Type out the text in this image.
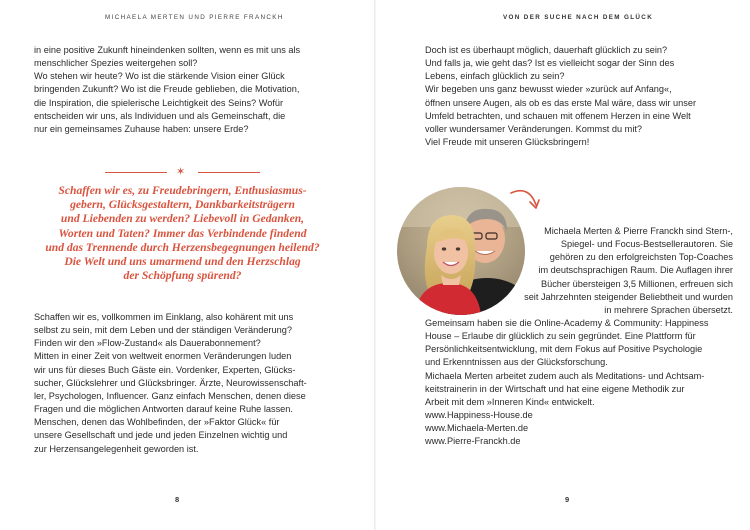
MICHAELA MERTEN UND PIERRE FRANCKH
in eine positive Zukunft hineindenken sollten, wenn es mit uns als
menschlicher Spezies weitergehen soll?
Wo stehen wir heute? Wo ist die stärkende Vision einer Glück
bringenden Zukunft? Wo ist die Freude geblieben, die Motivation,
die Inspiration, die spielerische Leichtigkeit des Seins? Wofür
entscheiden wir uns, als Individuen und als Gemeinschaft, die
nur ein gemeinsames Zuhause haben: unsere Erde?
✶
Schaffen wir es, zu Freudebringern, Enthusiasmus-
gebern, Glücksgestaltern, Dankbarkeitsträgern
und Liebenden zu werden? Liebevoll in Gedanken,
Worten und Taten? Immer das Verbindende findend
und das Trennende durch Herzensbegegnungen heilend?
Die Welt und uns umarmend und den Herzschlag
der Schöpfung spürend?
Schaffen wir es, vollkommen im Einklang, also kohärent mit uns
selbst zu sein, mit dem Leben und der ständigen Veränderung?
Finden wir den »Flow-Zustand« als Dauerabonnement?
Mitten in einer Zeit von weltweit enormen Veränderungen luden
wir uns für dieses Buch Gäste ein. Vordenker, Experten, Glücks-
sucher, Glückslehrer und Glücksbringer. Ärzte, Neurowissenschaft-
ler, Psychologen, Influencer. Ganz einfach Menschen, denen diese
Fragen und die möglichen Antworten darauf keine Ruhe lassen.
Menschen, denen das Wohlbefinden, der »Faktor Glück« für
unsere Gesellschaft und jede und jeden Einzelnen wichtig und
zur Herzensangelegenheit geworden ist.
8
VON DER SUCHE NACH DEM GLÜCK
Doch ist es überhaupt möglich, dauerhaft glücklich zu sein?
Und falls ja, wie geht das? Ist es vielleicht sogar der Sinn des
Lebens, einfach glücklich zu sein?
Wir begeben uns ganz bewusst wieder »zurück auf Anfang«,
öffnen unsere Augen, als ob es das erste Mal wäre, dass wir unser
Umfeld betrachten, und schauen mit offenem Herzen in eine Welt
voller wundersamer Veränderungen. Kommst du mit?
Viel Freude mit unseren Glücksbringern!
Michaela Merten & Pierre Franckh sind Stern-,
Spiegel- und Focus-Bestsellerautoren. Sie
gehören zu den erfolgreichsten Top-Coaches
im deutschsprachigen Raum. Die Auflagen ihrer
Bücher übersteigen 3,5 Millionen, erfreuen sich
seit Jahrzehnten steigender Beliebtheit und wurden
in mehrere Sprachen übersetzt.
Gemeinsam haben sie die Online-Academy & Community: Happiness
House – Erlaube dir glücklich zu sein gegründet. Eine Plattform für
Persönlichkeitsentwicklung, mit dem Fokus auf Positive Psychologie
und Erkenntnissen aus der Glücksforschung.
Michaela Merten arbeitet zudem auch als Meditations- und Achtsam-
keitstrainerin in der Wirtschaft und hat eine eigene Methodik zur
Arbeit mit dem »Inneren Kind« entwickelt.
www.Happiness-House.de
www.Michaela-Merten.de
www.Pierre-Franckh.de
9
